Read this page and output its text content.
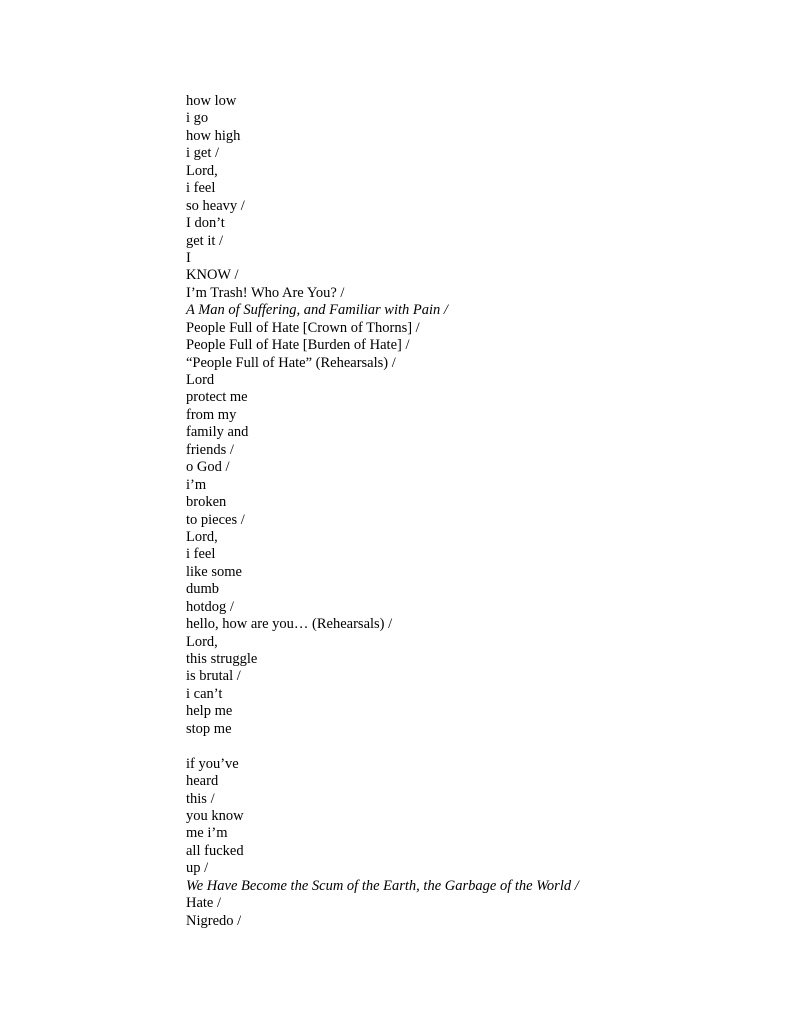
how low
i go
how high
i get /
Lord,
i feel
so heavy /
I don’t
get it /
I
KNOW /
I’m Trash! Who Are You? /
A Man of Suffering, and Familiar with Pain /
People Full of Hate [Crown of Thorns] /
People Full of Hate [Burden of Hate] /
“People Full of Hate” (Rehearsals) /
Lord
protect me
from my
family and
friends /
o God /
i’m
broken
to pieces /
Lord,
i feel
like some
dumb
hotdog /
hello, how are you… (Rehearsals) /
Lord,
this struggle
is brutal /
i can’t
help me
stop me
if you’ve
heard
this /
you know
me i’m
all fucked
up /
We Have Become the Scum of the Earth, the Garbage of the World /
Hate /
Nigredo /
